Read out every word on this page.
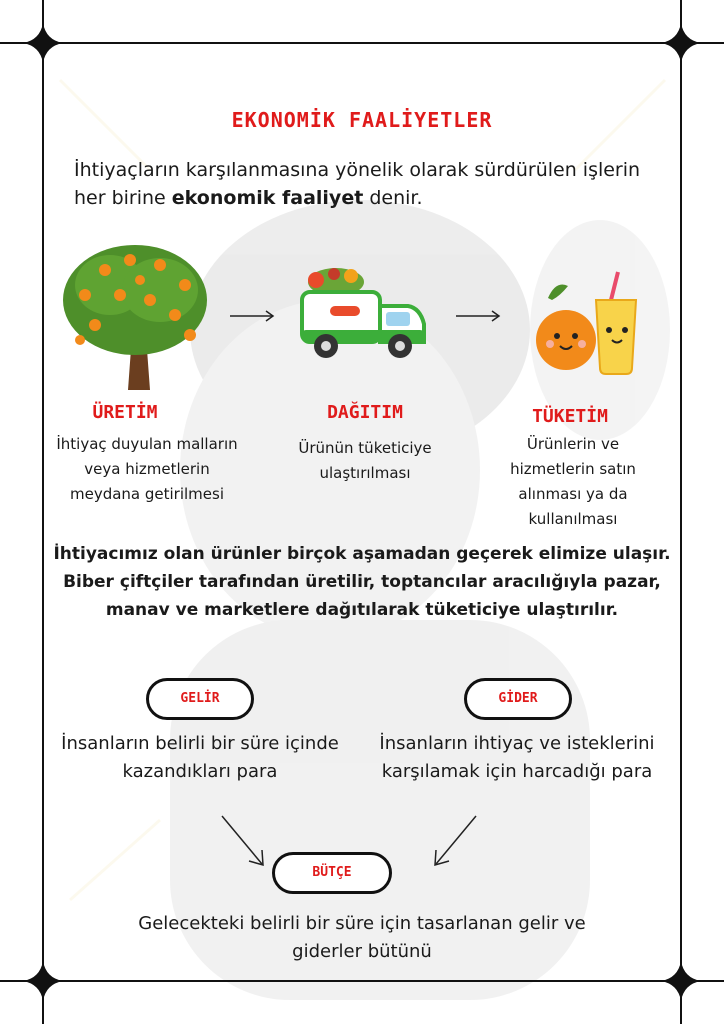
EKONOMİK FAALİYETLER
İhtiyaçların karşılanmasına yönelik olarak sürdürülen işlerin her birine ekonomik faaliyet denir.
ÜRETİM
İhtiyaç duyulan malların veya hizmetlerin meydana getirilmesi
DAĞITIM
Ürünün tüketiciye ulaştırılması
TÜKETİM
Ürünlerin ve hizmetlerin satın alınması ya da kullanılması
İhtiyacımız olan ürünler birçok aşamadan geçerek elimize ulaşır. Biber çiftçiler tarafından üretilir, toptancılar aracılığıyla pazar, manav ve marketlere dağıtılarak tüketiciye ulaştırılır.
GELİR
İnsanların belirli bir süre içinde kazandıkları para
GİDER
İnsanların ihtiyaç ve isteklerini karşılamak için harcadığı para
BÜTÇE
Gelecekteki belirli bir süre için tasarlanan gelir ve giderler bütünü
